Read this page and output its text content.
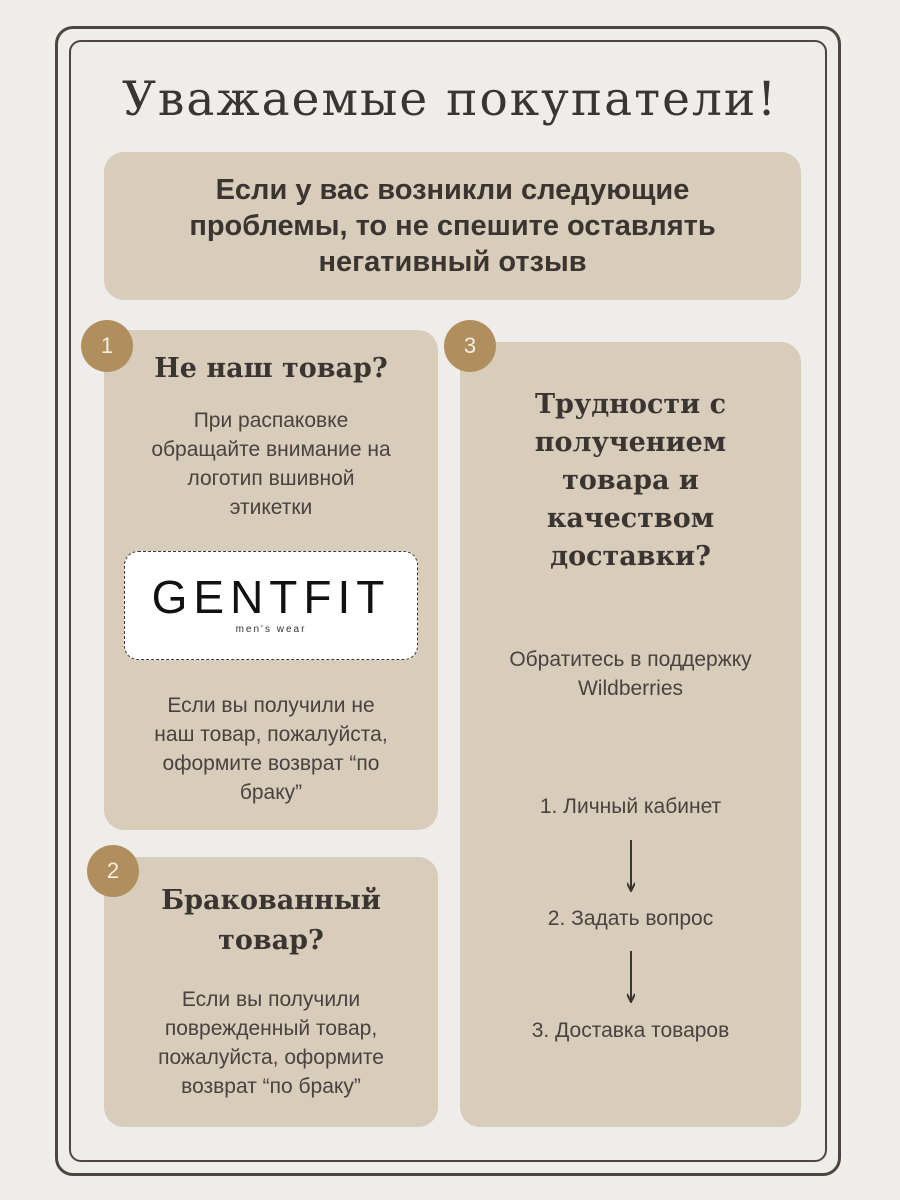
Уважаемые покупатели!
Если у вас возникли следующие проблемы, то не спешите оставлять негативный отзыв
Не наш товар?

При распаковке обращайте внимание на логотип вшивной этикетки

GENTFIT
men's wear

Если вы получили не наш товар, пожалуйста, оформите возврат “по браку”

1
Бракованный товар?

Если вы получили поврежденный товар, пожалуйста, оформите возврат “по браку”

2
Трудности с получением товара и качеством доставки?

Обратитесь в поддержку Wildberries

1. Личный кабинет
2. Задать вопрос
3. Доставка товаров
3
